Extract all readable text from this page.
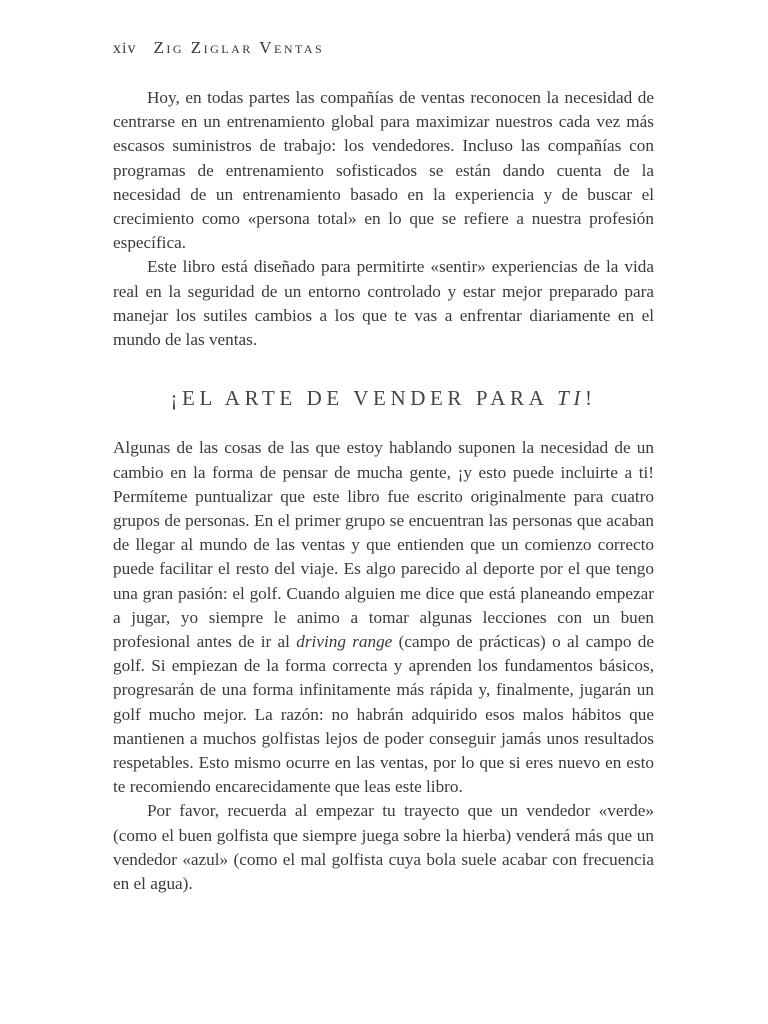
xiv Zig Ziglar Ventas

Hoy, en todas partes las compañías de ventas reconocen la necesidad de centrarse en un entrenamiento global para maximizar nuestros cada vez más escasos suministros de trabajo: los vendedores. Incluso las compañías con programas de entrenamiento sofisticados se están dando cuenta de la necesidad de un entrenamiento basado en la experiencia y de buscar el crecimiento como «persona total» en lo que se refiere a nuestra profesión específica.

Este libro está diseñado para permitirte «sentir» experiencias de la vida real en la seguridad de un entorno controlado y estar mejor preparado para manejar los sutiles cambios a los que te vas a enfrentar diariamente en el mundo de las ventas.

¡EL ARTE DE VENDER PARA TI!

Algunas de las cosas de las que estoy hablando suponen la necesidad de un cambio en la forma de pensar de mucha gente, ¡y esto puede incluirte a ti! Permíteme puntualizar que este libro fue escrito originalmente para cuatro grupos de personas. En el primer grupo se encuentran las personas que acaban de llegar al mundo de las ventas y que entienden que un comienzo correcto puede facilitar el resto del viaje. Es algo parecido al deporte por el que tengo una gran pasión: el golf. Cuando alguien me dice que está planeando empezar a jugar, yo siempre le animo a tomar algunas lecciones con un buen profesional antes de ir al driving range (campo de prácticas) o al campo de golf. Si empiezan de la forma correcta y aprenden los fundamentos básicos, progresarán de una forma infinitamente más rápida y, finalmente, jugarán un golf mucho mejor. La razón: no habrán adquirido esos malos hábitos que mantienen a muchos golfistas lejos de poder conseguir jamás unos resultados respetables. Esto mismo ocurre en las ventas, por lo que si eres nuevo en esto te recomiendo encarecidamente que leas este libro.

Por favor, recuerda al empezar tu trayecto que un vendedor «verde» (como el buen golfista que siempre juega sobre la hierba) venderá más que un vendedor «azul» (como el mal golfista cuya bola suele acabar con frecuencia en el agua).
